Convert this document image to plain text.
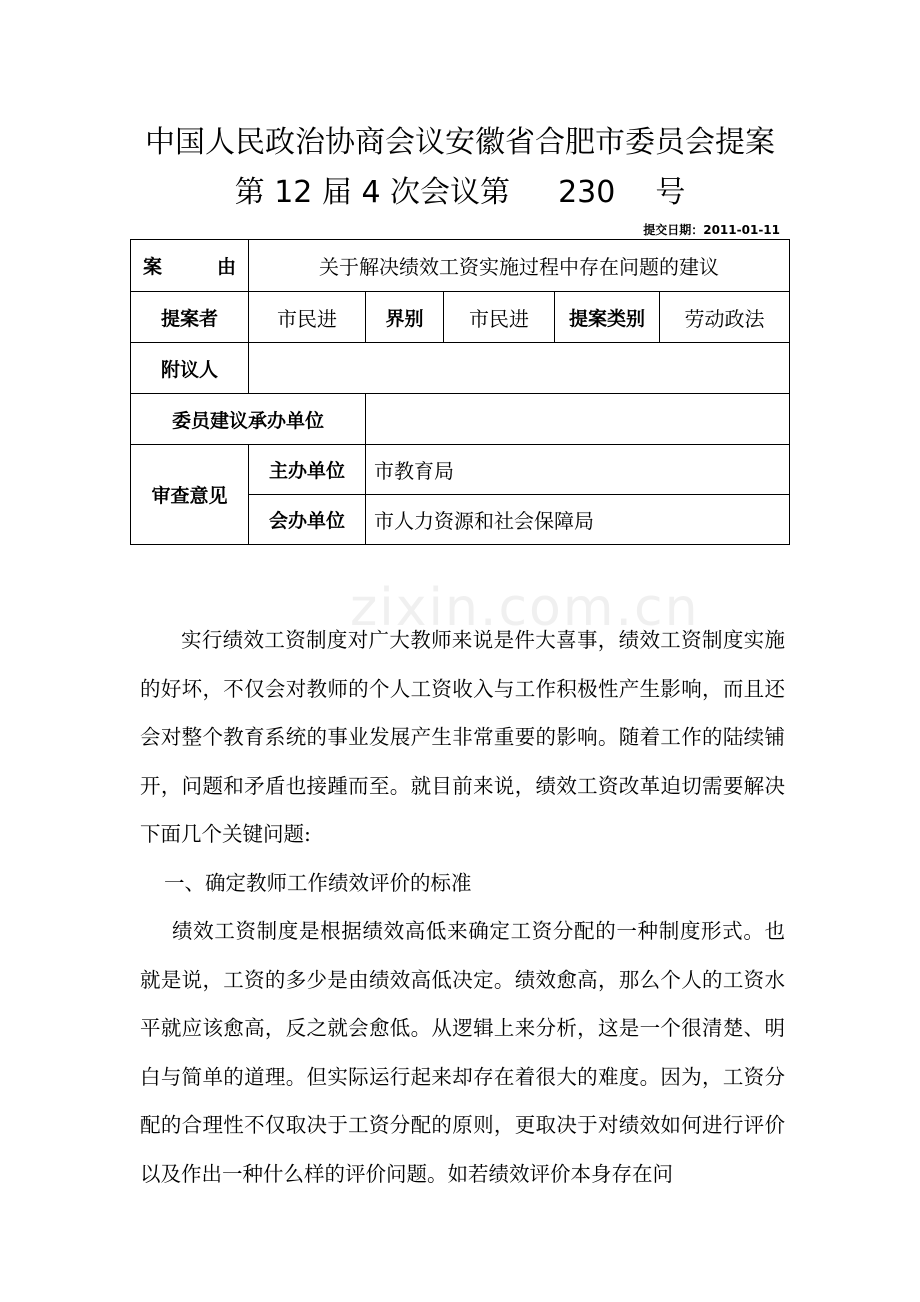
中国人民政治协商会议安徽省合肥市委员会提案
第 12 届 4 次会议第 230 号
提交日期：2011-01-11
案	由	关于解决绩效工资实施过程中存在问题的建议
提案者	市民进	界别	市民进	提案类别	劳动政法
附议人
委员建议承办单位
审查意见
主办单位	市教育局
会办单位	市人力资源和社会保障局
zixin.com.cn

实行绩效工资制度对广大教师来说是件大喜事，绩效工资制度实施的好坏，不仅会对教师的个人工资收入与工作积极性产生影响，而且还会对整个教育系统的事业发展产生非常重要的影响。随着工作的陆续铺开，问题和矛盾也接踵而至。就目前来说，绩效工资改革迫切需要解决下面几个关键问题:

一、确定教师工作绩效评价的标准

绩效工资制度是根据绩效高低来确定工资分配的一种制度形式。也就是说，工资的多少是由绩效高低决定。绩效愈高，那么个人的工资水平就应该愈高，反之就会愈低。从逻辑上来分析，这是一个很清楚、明白与简单的道理。但实际运行起来却存在着很大的难度。因为，工资分配的合理性不仅取决于工资分配的原则，更取决于对绩效如何进行评价以及作出一种什么样的评价问题。如若绩效评价本身存在问
